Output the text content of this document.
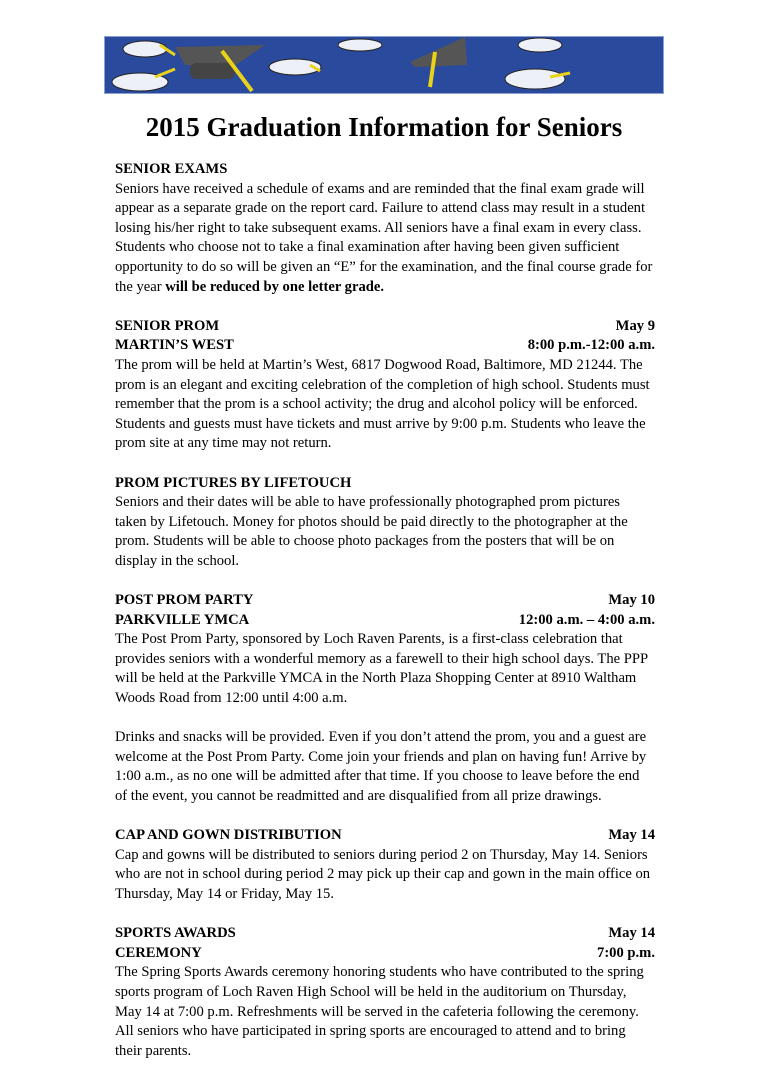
2015 Graduation Information for Seniors
SENIOR EXAMS

Seniors have received a schedule of exams and are reminded that the final exam grade will appear as a separate grade on the report card. Failure to attend class may result in a student losing his/her right to take subsequent exams. All seniors have a final exam in every class. Students who choose not to take a final examination after having been given sufficient opportunity to do so will be given an “E” for the examination, and the final course grade for the year will be reduced by one letter grade.

SENIOR PROM	May 9
MARTIN’S WEST	8:00 p.m.-12:00 a.m.

The prom will be held at Martin’s West, 6817 Dogwood Road, Baltimore, MD 21244. The prom is an elegant and exciting celebration of the completion of high school. Students must remember that the prom is a school activity; the drug and alcohol policy will be enforced. Students and guests must have tickets and must arrive by 9:00 p.m. Students who leave the prom site at any time may not return.

PROM PICTURES BY LIFETOUCH

Seniors and their dates will be able to have professionally photographed prom pictures taken by Lifetouch. Money for photos should be paid directly to the photographer at the prom. Students will be able to choose photo packages from the posters that will be on display in the school.

POST PROM PARTY	May 10
PARKVILLE YMCA	12:00 a.m. – 4:00 a.m.

The Post Prom Party, sponsored by Loch Raven Parents, is a first-class celebration that provides seniors with a wonderful memory as a farewell to their high school days. The PPP will be held at the Parkville YMCA in the North Plaza Shopping Center at 8910 Waltham Woods Road from 12:00 until 4:00 a.m.

Drinks and snacks will be provided. Even if you don’t attend the prom, you and a guest are welcome at the Post Prom Party. Come join your friends and plan on having fun! Arrive by 1:00 a.m., as no one will be admitted after that time. If you choose to leave before the end of the event, you cannot be readmitted and are disqualified from all prize drawings.

CAP AND GOWN DISTRIBUTION	May 14

Cap and gowns will be distributed to seniors during period 2 on Thursday, May 14. Seniors who are not in school during period 2 may pick up their cap and gown in the main office on Thursday, May 14 or Friday, May 15.

SPORTS AWARDS	May 14
CEREMONY	7:00 p.m.

The Spring Sports Awards ceremony honoring students who have contributed to the spring sports program of Loch Raven High School will be held in the auditorium on Thursday, May 14 at 7:00 p.m. Refreshments will be served in the cafeteria following the ceremony. All seniors who have participated in spring sports are encouraged to attend and to bring their parents.
